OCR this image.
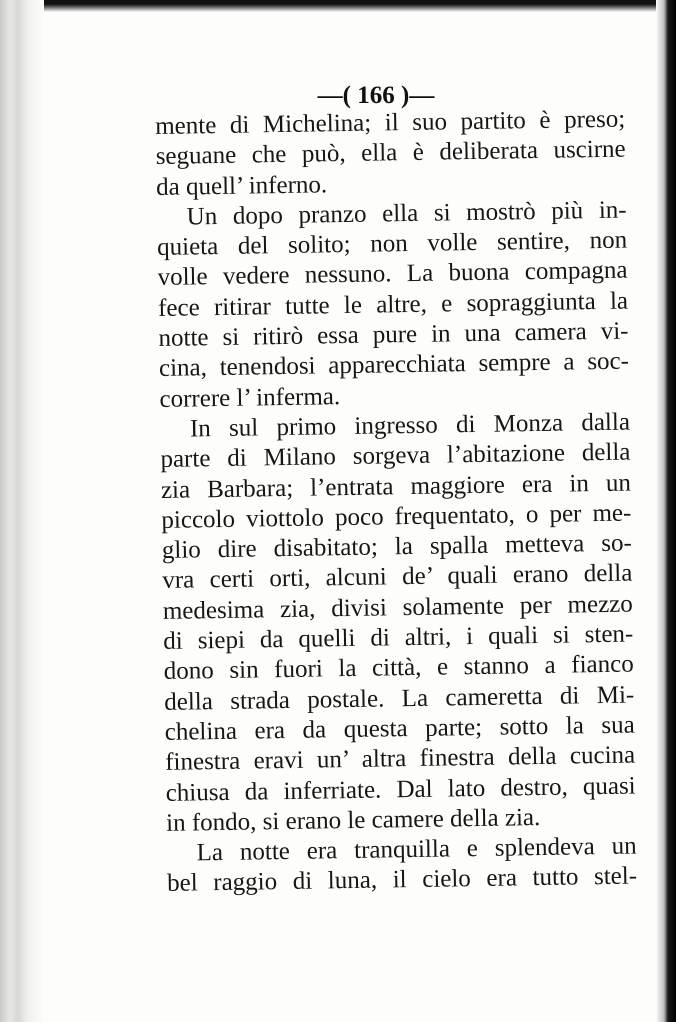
—( 166 )—
mente di Michelina; il suo partito è preso;
seguane che può, ella è deliberata uscirne
da quell’ inferno.
Un dopo pranzo ella si mostrò più in-
quieta del solito; non volle sentire, non
volle vedere nessuno. La buona compagna
fece ritirar tutte le altre, e sopraggiunta la
notte si ritirò essa pure in una camera vi-
cina, tenendosi apparecchiata sempre a soc-
correre l’ inferma.
In sul primo ingresso di Monza dalla
parte di Milano sorgeva l’abitazione della
zia Barbara; l’entrata maggiore era in un
piccolo viottolo poco frequentato, o per me-
glio dire disabitato; la spalla metteva so-
vra certi orti, alcuni de’ quali erano della
medesima zia, divisi solamente per mezzo
di siepi da quelli di altri, i quali si sten-
dono sin fuori la città, e stanno a fianco
della strada postale. La cameretta di Mi-
chelina era da questa parte; sotto la sua
finestra eravi un’ altra finestra della cucina
chiusa da inferriate. Dal lato destro, quasi
in fondo, si erano le camere della zia.
La notte era tranquilla e splendeva un
bel raggio di luna, il cielo era tutto stel-
